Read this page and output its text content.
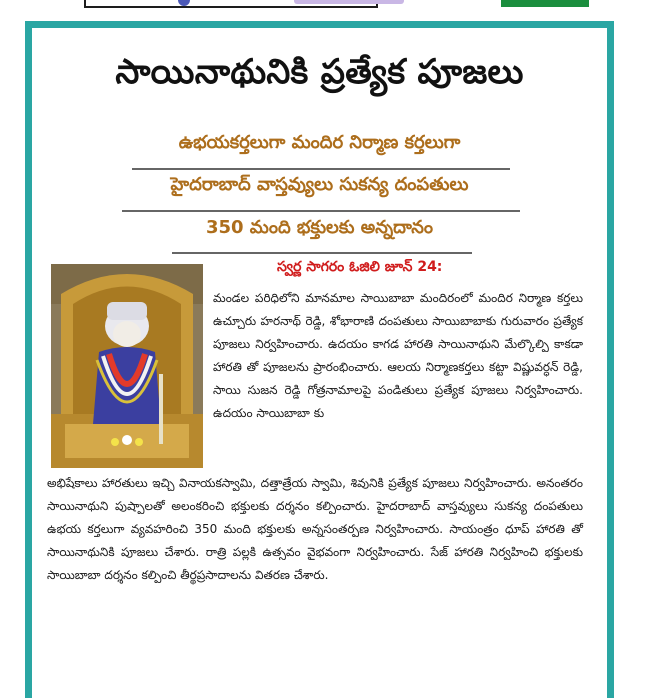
సాయినాథునికి ప్రత్యేక పూజలు
ఉభయకర్తలుగా మందిర నిర్మాణ కర్తలుగా
హైదరాబాద్ వాస్తవ్యులు సుకన్య దంపతులు
350 మంది భక్తులకు అన్నదానం
స్వర్ణ సాగరం ఓజిలి జూన్ 24:
మండల పరిధిలోని మానమాల సాయిబాబా మందిరంలో మందిర నిర్మాణ కర్తలు ఉచ్చూరు హరనాథ్ రెడ్డి, శోభారాణి దంపతులు సాయిబాబాకు గురువారం ప్రత్యేక పూజలు నిర్వహించారు. ఉదయం కాగడ హారతి సాయినాథుని మేల్కొల్పి కాకడా హారతి తో పూజలను ప్రారంభించారు. ఆలయ నిర్మాణకర్తలు కట్టా విష్ణువర్ధన్ రెడ్డి, సాయి సుజన రెడ్డి గోత్రనామాలపై పండితులు ప్రత్యేక పూజలు నిర్వహించారు. ఉదయం సాయిబాబా కు
అభిషేకాలు హారతులు ఇచ్చి వినాయకస్వామి, దత్తాత్రేయ స్వామి, శివునికి ప్రత్యేక పూజలు నిర్వహించారు. అనంతరం సాయినాథుని పుష్పాలతో అలంకరించి భక్తులకు దర్శనం కల్పించారు. హైదరాబాద్ వాస్తవ్యులు సుకన్య దంపతులు ఉభయ కర్తలుగా వ్యవహరించి 350 మంది భక్తులకు అన్నసంతర్పణ నిర్వహించారు. సాయంత్రం ధూప్ హారతి తో సాయినాథునికి పూజలు చేశారు. రాత్రి పల్లకి ఉత్సవం వైభవంగా నిర్వహించారు. సేజ్ హారతి నిర్వహించి భక్తులకు సాయిబాబా దర్శనం కల్పించి తీర్థప్రసాదాలను వితరణ చేశారు.
